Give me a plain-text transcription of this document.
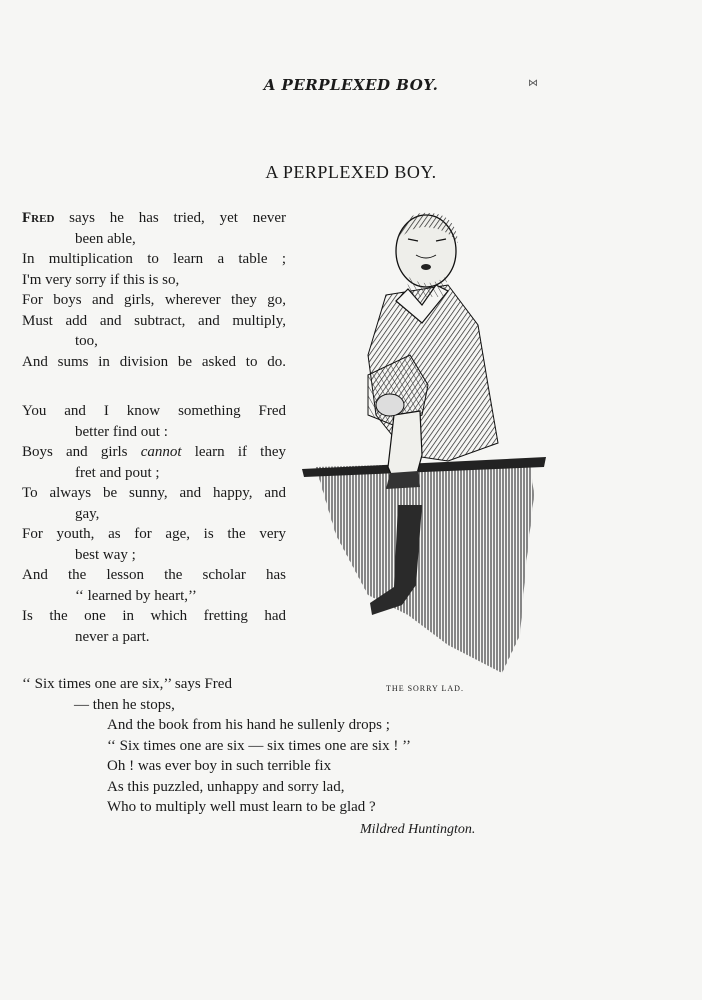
A PERPLEXED BOY.
A PERPLEXED BOY.

Fred says he has tried, yet never

been able,

In multiplication to learn a table ;

I'm very sorry if this is so,

For boys and girls, wherever they go,

Must add and subtract, and multiply,

too,

And sums in division be asked to do.

You and I know something Fred

better find out :

Boys and girls cannot learn if they

fret and pout ;

To always be sunny, and happy, and

gay,

For youth, as for age, is the very

best way ;

And the lesson the scholar has

‘‘ learned by heart,’’

Is the one in which fretting had

never a part.

‘‘ Six times one are six,’’ says Fred

— then he stops,

And the book from his hand he sullenly drops ;

‘‘ Six times one are six — six times one are six ! ’’

Oh ! was ever boy in such terrible fix

As this puzzled, unhappy and sorry lad,

Who to multiply well must learn to be glad ?

Mildred Huntington.
THE SORRY LAD.
⋈
